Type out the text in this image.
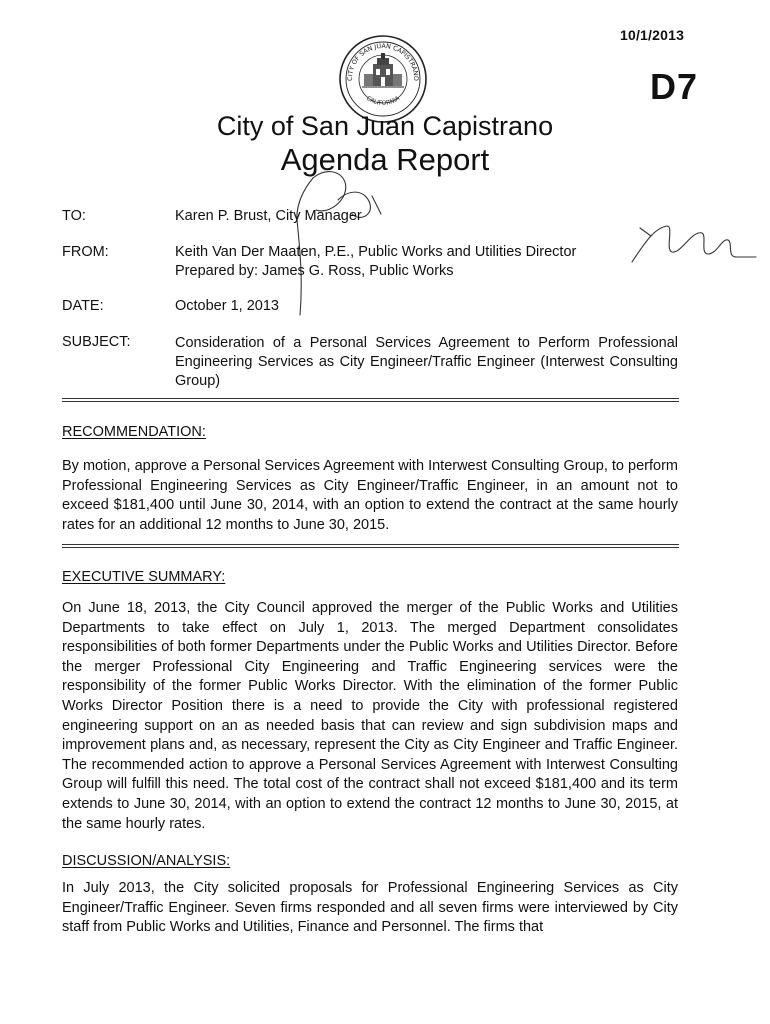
10/1/2013
D7
CITY OF SAN JUAN CAPISTRANO
CALIFORNIA
City of San Juan Capistrano
Agenda Report
TO:	Karen P. Brust, City Manager
FROM:	Keith Van Der Maaten, P.E., Public Works and Utilities Director
Prepared by: James G. Ross, Public Works
DATE:	October 1, 2013
SUBJECT:	Consideration of a Personal Services Agreement to Perform Professional Engineering Services as City Engineer/Traffic Engineer (Interwest Consulting Group)
RECOMMENDATION:
By motion, approve a Personal Services Agreement with Interwest Consulting Group, to perform Professional Engineering Services as City Engineer/Traffic Engineer, in an amount not to exceed $181,400 until June 30, 2014, with an option to extend the contract at the same hourly rates for an additional 12 months to June 30, 2015.
EXECUTIVE SUMMARY:
On June 18, 2013, the City Council approved the merger of the Public Works and Utilities Departments to take effect on July 1, 2013. The merged Department consolidates responsibilities of both former Departments under the Public Works and Utilities Director. Before the merger Professional City Engineering and Traffic Engineering services were the responsibility of the former Public Works Director. With the elimination of the former Public Works Director Position there is a need to provide the City with professional registered engineering support on an as needed basis that can review and sign subdivision maps and improvement plans and, as necessary, represent the City as City Engineer and Traffic Engineer. The recommended action to approve a Personal Services Agreement with Interwest Consulting Group will fulfill this need. The total cost of the contract shall not exceed $181,400 and its term extends to June 30, 2014, with an option to extend the contract 12 months to June 30, 2015, at the same hourly rates.
DISCUSSION/ANALYSIS:
In July 2013, the City solicited proposals for Professional Engineering Services as City Engineer/Traffic Engineer. Seven firms responded and all seven firms were interviewed by City staff from Public Works and Utilities, Finance and Personnel. The firms that
